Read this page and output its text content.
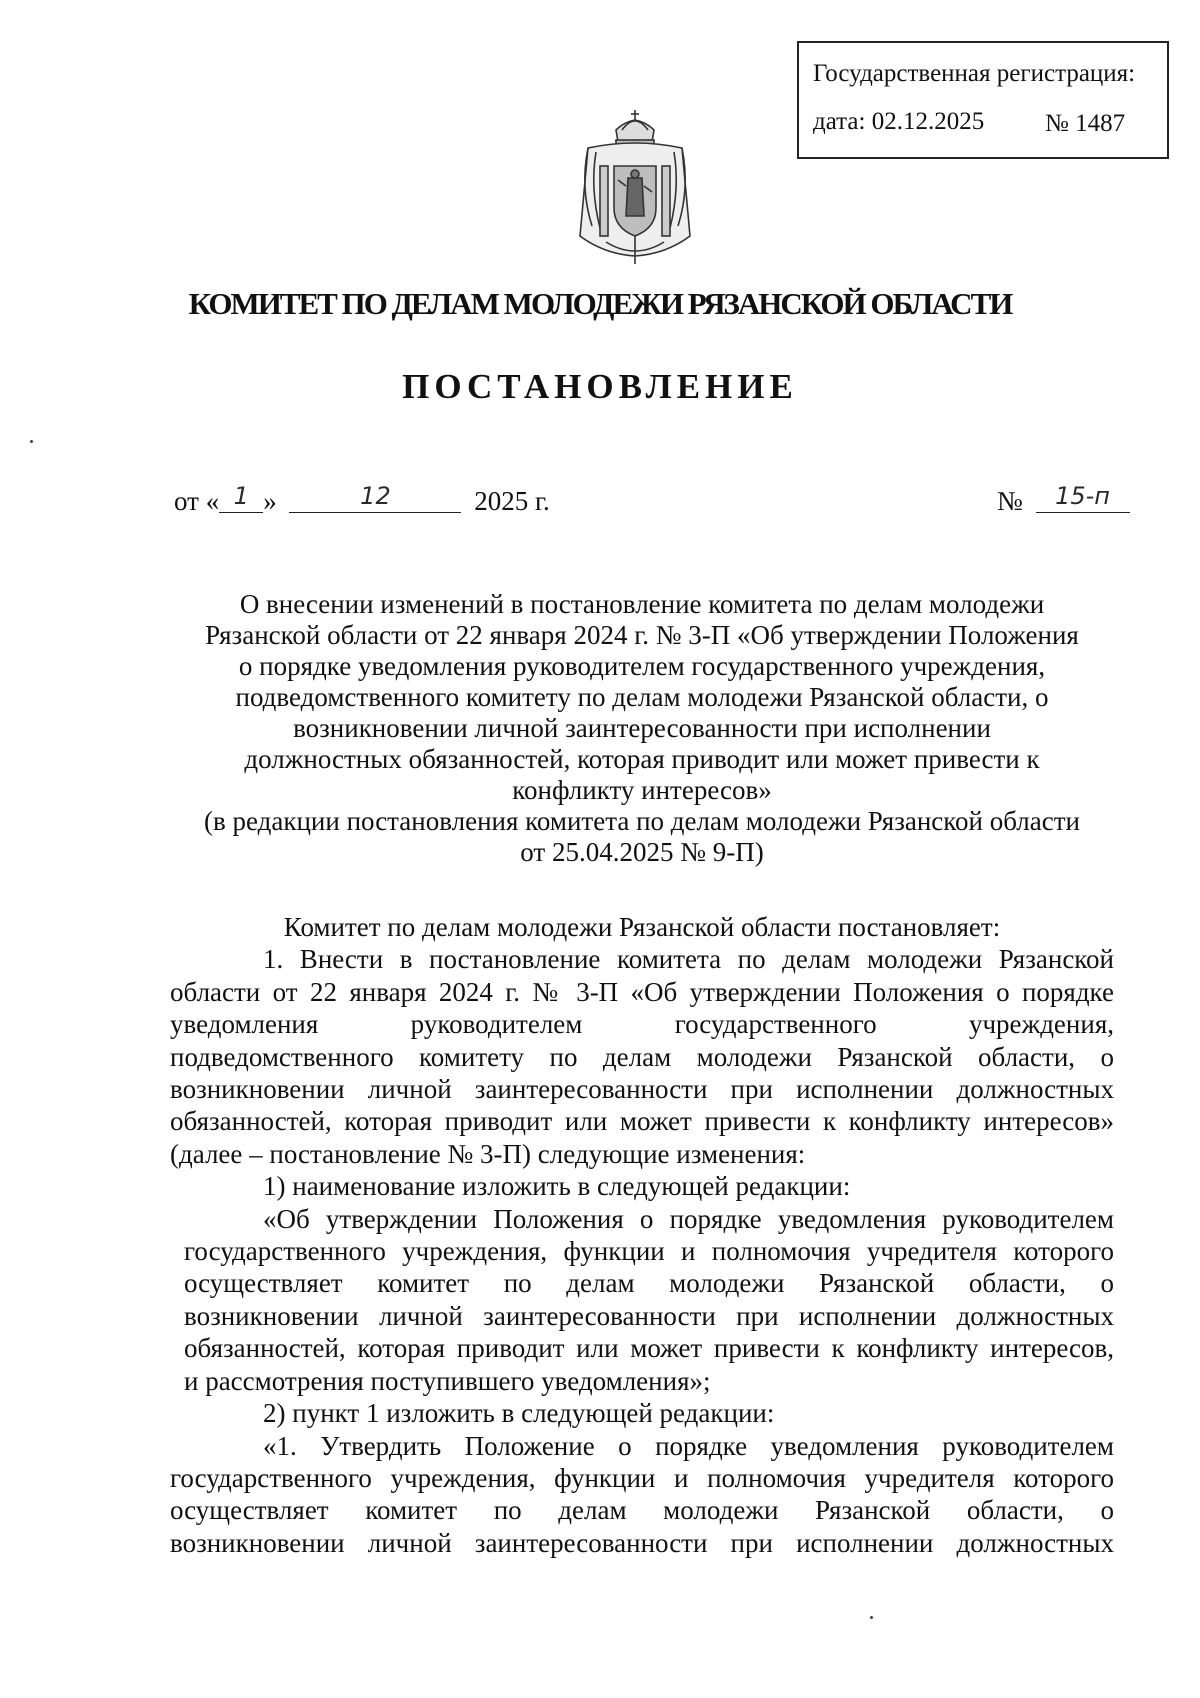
Государственная регистрация:
дата: 02.12.2025 № 1487
КОМИТЕТ ПО ДЕЛАМ МОЛОДЕЖИ РЯЗАНСКОЙ ОБЛАСТИ
ПОСТАНОВЛЕНИЕ
от « 1 »	12	2025 г.	№ 15-п
О внесении изменений в постановление комитета по делам молодежи
Рязанской области от 22 января 2024 г. № 3-П «Об утверждении Положения
о порядке уведомления руководителем государственного учреждения,
подведомственного комитету по делам молодежи Рязанской области, о
возникновении личной заинтересованности при исполнении
должностных обязанностей, которая приводит или может привести к
конфликту интересов»
(в редакции постановления комитета по делам молодежи Рязанской области
от 25.04.2025 № 9-П)
Комитет по делам молодежи Рязанской области постановляет:
1. Внести в постановление комитета по делам молодежи Рязанской
области от 22 января 2024 г. № 3-П «Об утверждении Положения о порядке
уведомления руководителем государственного учреждения,
подведомственного комитету по делам молодежи Рязанской области, о
возникновении личной заинтересованности при исполнении должностных
обязанностей, которая приводит или может привести к конфликту интересов»
(далее – постановление № 3-П) следующие изменения:
1) наименование изложить в следующей редакции:
«Об утверждении Положения о порядке уведомления руководителем
государственного учреждения, функции и полномочия учредителя которого
осуществляет комитет по делам молодежи Рязанской области, о
возникновении личной заинтересованности при исполнении должностных
обязанностей, которая приводит или может привести к конфликту интересов,
и рассмотрения поступившего уведомления»;
2) пункт 1 изложить в следующей редакции:
«1. Утвердить Положение о порядке уведомления руководителем
государственного учреждения, функции и полномочия учредителя которого
осуществляет комитет по делам молодежи Рязанской области, о
возникновении личной заинтересованности при исполнении должностных
